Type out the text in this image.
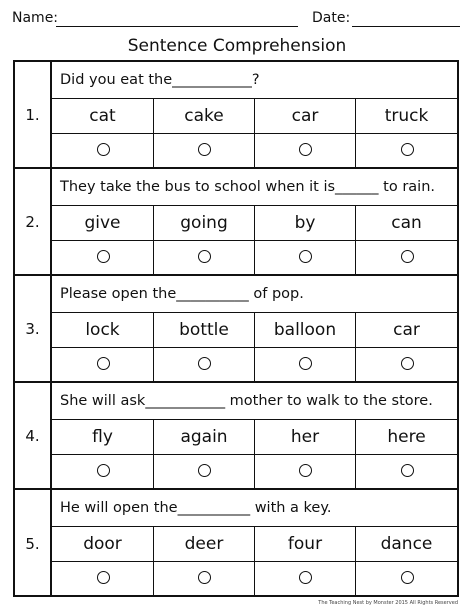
Name:	Date:
Sentence Comprehension
1.
Did you eat the___________?
cat	cake	car	truck
2.
They take the bus to school when it is______ to rain.
give	going	by	can
3.
Please open the__________ of pop.
lock	bottle	balloon	car
4.
She will ask___________ mother to walk to the store.
fly	again	her	here
5.
He will open the__________ with a key.
door	deer	four	dance
The Teaching Nest by Monster 2015 All Rights Reserved
